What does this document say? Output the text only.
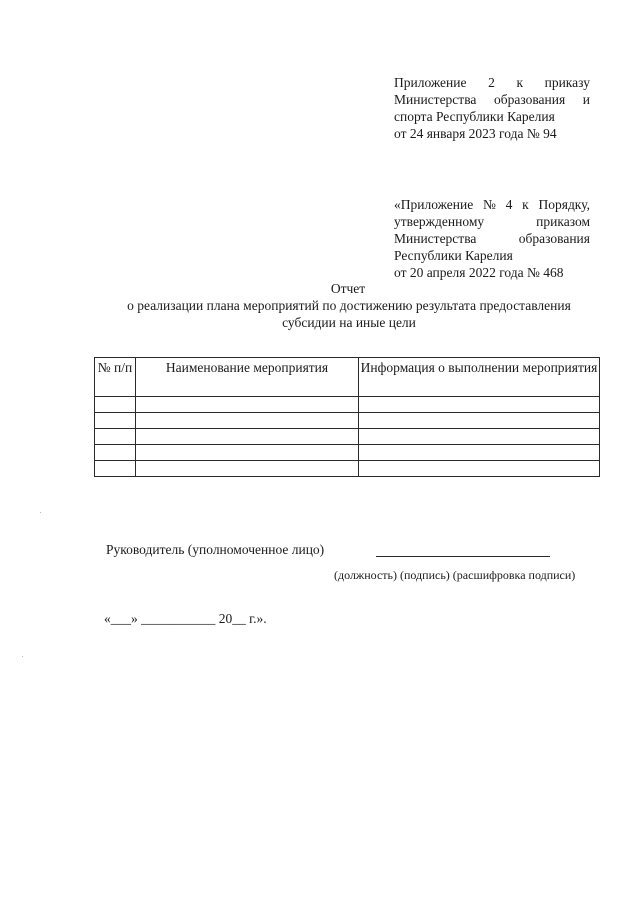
Приложение 2 к приказу
Министерства образования и
спорта Республики Карелия
от 24 января 2023 года № 94
«Приложение № 4 к Порядку,
утвержденному	приказом
Министерства	образования
Республики Карелия
от 20 апреля 2022 года № 468
Отчет
о реализации плана мероприятий по достижению результата предоставления
субсидии на иные цели
№ п/п	Наименование мероприятия	Информация о выполнении мероприятия

Руководитель (уполномоченное лицо)
(должность) (подпись) (расшифровка подписи)
«___» ___________ 20__ г.».
